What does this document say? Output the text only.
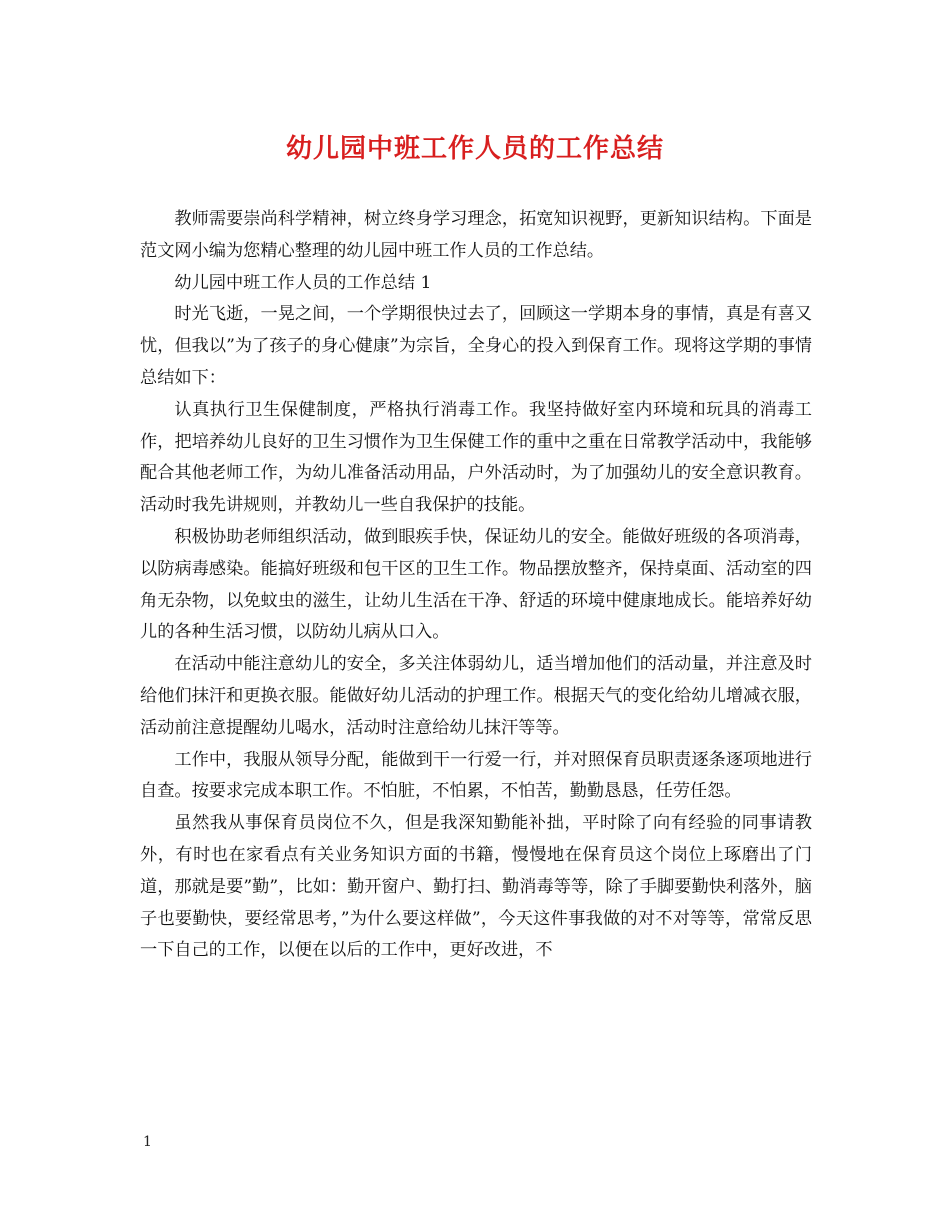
幼儿园中班工作人员的工作总结

教师需要崇尚科学精神，树立终身学习理念，拓宽知识视野，更新知识结构。下面是范文网小编为您精心整理的幼儿园中班工作人员的工作总结。

幼儿园中班工作人员的工作总结 1

时光飞逝，一晃之间，一个学期很快过去了，回顾这一学期本身的事情，真是有喜又忧，但我以”为了孩子的身心健康”为宗旨，全身心的投入到保育工作。现将这学期的事情总结如下：

认真执行卫生保健制度，严格执行消毒工作。我坚持做好室内环境和玩具的消毒工作，把培养幼儿良好的卫生习惯作为卫生保健工作的重中之重在日常教学活动中，我能够配合其他老师工作，为幼儿准备活动用品，户外活动时，为了加强幼儿的安全意识教育。活动时我先讲规则，并教幼儿一些自我保护的技能。

积极协助老师组织活动，做到眼疾手快，保证幼儿的安全。能做好班级的各项消毒，以防病毒感染。能搞好班级和包干区的卫生工作。物品摆放整齐，保持桌面、活动室的四角无杂物，以免蚊虫的滋生，让幼儿生活在干净、舒适的环境中健康地成长。能培养好幼儿的各种生活习惯，以防幼儿病从口入。

在活动中能注意幼儿的安全，多关注体弱幼儿，适当增加他们的活动量，并注意及时给他们抹汗和更换衣服。能做好幼儿活动的护理工作。根据天气的变化给幼儿增减衣服，活动前注意提醒幼儿喝水，活动时注意给幼儿抹汗等等。

工作中，我服从领导分配，能做到干一行爱一行，并对照保育员职责逐条逐项地进行自查。按要求完成本职工作。不怕脏，不怕累，不怕苦，勤勤恳恳，任劳任怨。

虽然我从事保育员岗位不久，但是我深知勤能补拙，平时除了向有经验的同事请教外，有时也在家看点有关业务知识方面的书籍，慢慢地在保育员这个岗位上琢磨出了门道，那就是要”勤”，比如：勤开窗户、勤打扫、勤消毒等等，除了手脚要勤快利落外，脑子也要勤快，要经常思考，”为什么要这样做”，今天这件事我做的对不对等等，常常反思一下自己的工作，以便在以后的工作中，更好改进，不

1
